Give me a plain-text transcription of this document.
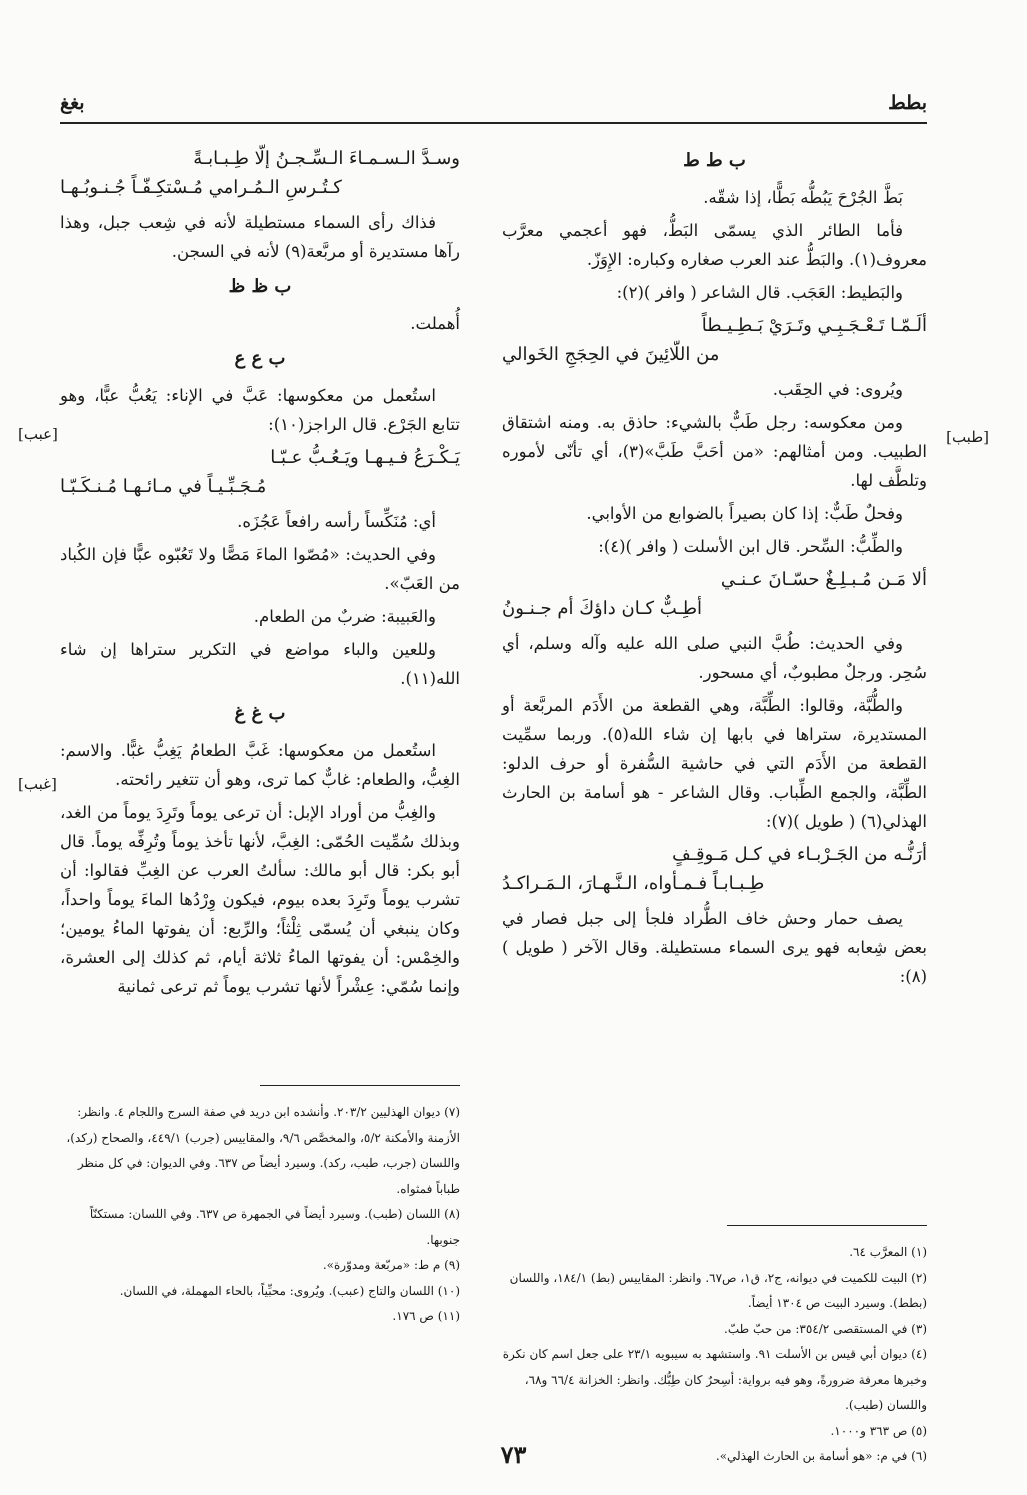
بطط
بغغ
ب ط ط

بَطَّ الجُرْحَ يَبُطُّه بَطًّا، إذا شقّه.

فأما الطائر الذي يسمّى البَطُّ، فهو أعجمي معرَّب معروف(١). والبَطُّ عند العرب صغاره وكباره: الإِوَزّ.

والبَطيط: العَجَب. قال الشاعر ( وافر )(٢):

ألَـمّـا تَـعْـجَـبِـي وتَـرَيْ بَـطِـيـطاً
من اللّائِينَ في الحِجَجِ الخَوالي

ويُروى: في الحِقَب.

ومن معكوسه: رجل طَبٌّ بالشيء: حاذق به. ومنه اشتقاق الطبيب. ومن أمثالهم: «من أحَبَّ طَبَّ»(٣)، أي تأنّى لأموره وتلطَّف لها.

وفحلٌ طَبٌّ: إذا كان بصيراً بالضوابع من الأوابي.

والطِّبُّ: السِّحر. قال ابن الأسلت ( وافر )(٤):

ألا مَـن مُـبـلِـغٌ حسّـانَ عـنـي
أطِـبٌّ كـان داؤكَ أم جـنـونُ

وفي الحديث: طُبَّ النبي صلى الله عليه وآله وسلم، أي سُحِر. ورجلٌ مطبوبٌ، أي مسحور.

والطُّبَّة، وقالوا: الطِّبَّة، وهي القطعة من الأَدَم المربَّعة أو المستديرة، ستراها في بابها إن شاء الله(٥). وربما سمِّيت القطعة من الأَدَم التي في حاشية السُّفرة أو حرف الدلو: الطِّبَّة، والجمع الطِّباب. وقال الشاعر - هو أسامة بن الحارث الهذلي(٦) ( طويل )(٧):

أرَنُّـه من الجَـرْبـاء في كـل مَـوقِـفٍ
طِـبـابـاً فـمـأواه، الـنَّـهـارَ، الـمَـراكـدُ

يصف حمار وحش خاف الطُّراد فلجأ إلى جبل فصار في بعض شِعابه فهو يرى السماء مستطيلة. وقال الآخر ( طويل )(٨):

[طبب]
وسـدَّ الـسـمـاءَ الـسِّـجـنُ إلّا طِـبـابـةً
كـتُـرسِ الـمُـرامي مُـسْتكِـفّـاً جُـنـوبُـهـا

فذاك رأى السماء مستطيلة لأنه في شِعب جبل، وهذا رآها مستديرة أو مربَّعة(٩) لأنه في السجن.

ب ظ ظ

أُهملت.

ب ع ع

استُعمل من معكوسها: عَبَّ في الإناء: يَعُبُّ عبًّا، وهو تتابع الجَرْع. قال الراجز(١٠):

يَـكْـرَعُ فـيـهـا ويَـعُـبُّ عـبّـا
مُـجَـبِّـيـاً في مـائـهـا مُـنـكَـبّـا

أي: مُنَكِّساً رأسه رافعاً عَجُزَه.

وفي الحديث: «مُصّوا الماءَ مَصًّا ولا تَعُبّوه عبًّا فإن الكُباد من العَبّ».

والعَبيبة: ضربٌ من الطعام.

وللعين والباء مواضع في التكرير ستراها إن شاء الله(١١).

ب غ غ

استُعمل من معكوسها: غَبَّ الطعامُ يَغِبُّ غبًّا. والاسم: الغِبُّ، والطعام: غابٌّ كما ترى، وهو أن تتغير رائحته.

والغِبُّ من أوراد الإبل: أن ترعى يوماً وتَرِدَ يوماً من الغد، وبذلك سُمِّيت الحُمّى: الغِبَّ، لأنها تأخذ يوماً وتُرِفِّه يوماً. قال أبو بكر: قال أبو مالك: سألتُ العرب عن الغِبِّ فقالوا: أن تشرب يوماً وتَرِدَ بعده بيوم، فيكون وِرْدُها الماءَ يوماً واحداً، وكان ينبغي أن يُسمّى ثِلْثاً؛ والرِّبع: أن يفوتها الماءُ يومين؛ والخِمْس: أن يفوتها الماءُ ثلاثة أيام، ثم كذلك إلى العشرة، وإنما سُمّي: عِشْراً لأنها تشرب يوماً ثم ترعى ثمانية

[عبب]
[غبب]
(١) المعرَّب ٦٤.
(٢) البيت للكميت في ديوانه، ج٢، ق١، ص٦٧. وانظر: المقاييس (بط) ١٨٤/١، واللسان (بطط). وسيرد البيت ص ١٣٠٤ أيضاً.
(٣) في المستقصى ٣٥٤/٢: من حبّ طبّ.
(٤) ديوان أبي قيس بن الأسلت ٩١. واستشهد به سيبويه ٢٣/١ على جعل اسم كان نكرة وخبرها معرفة ضرورةً، وهو فيه برواية: أسِحرٌ كان طِبُّك. وانظر: الخزانة ٦٦/٤ و٦٨، واللسان (طبب).
(٥) ص ٣٦٣ و١٠٠٠.
(٦) في م: «هو أسامة بن الحارث الهذلي».
(٧) ديوان الهذليين ٢٠٣/٢. وأنشده ابن دريد في صفة السرج واللجام ٤. وانظر: الأزمنة والأمكنة ٥/٢، والمخصَّص ٩/٦، والمقاييس (جرب) ٤٤٩/١، والصحاح (ركد)، واللسان (جرب، طبب، ركد). وسيرد أيضاً ص ٦٣٧. وفي الديوان: في كل منظر طباباً فمثواه.
(٨) اللسان (طبب). وسيرد أيضاً في الجمهرة ص ٦٣٧. وفي اللسان: مستكنّاً جنوبها.
(٩) م ط: «مربّعة ومدوّرة».
(١٠) اللسان والتاج (عبب). ويُروى: محبِّياً، بالحاء المهملة، في اللسان.
(١١) ص ١٧٦.
٧٣
